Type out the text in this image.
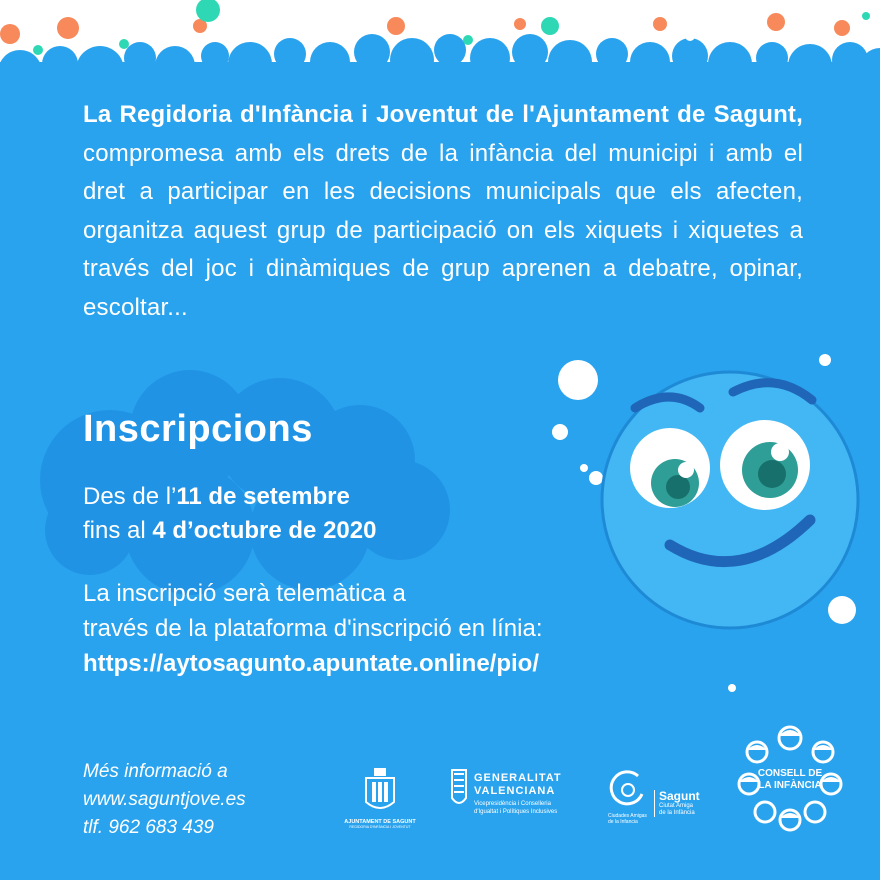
La Regidoria d'Infància i Joventut de l'Ajuntament de Sagunt, compromesa amb els drets de la infància del municipi i amb el dret a participar en les decisions municipals que els afecten, organitza aquest grup de participació on els xiquets i xiquetes a través del joc i dinàmiques de grup aprenen a debatre, opinar, escoltar...
Inscripcions
Des de l’11 de setembre
fins al 4 d’octubre de 2020
La inscripció serà telemàtica a
través de la plataforma d'inscripció en línia:
https://aytosagunto.apuntate.online/pio/
Més informació a
www.saguntjove.es
tlf. 962 683 439	AJUNTAMENT DE SAGUNT
REGIDORIA D'INFÀNCIA I JOVENTUT
GENERALITAT
VALENCIANA
Vicepresidència i Conselleria
d'Igualtat i Polítiques Inclusives
Ciudades Amigas de la Infancia
Sagunt
Ciutat Amiga
de la Infància
CONSELL DE
LA INFÀNCIA
